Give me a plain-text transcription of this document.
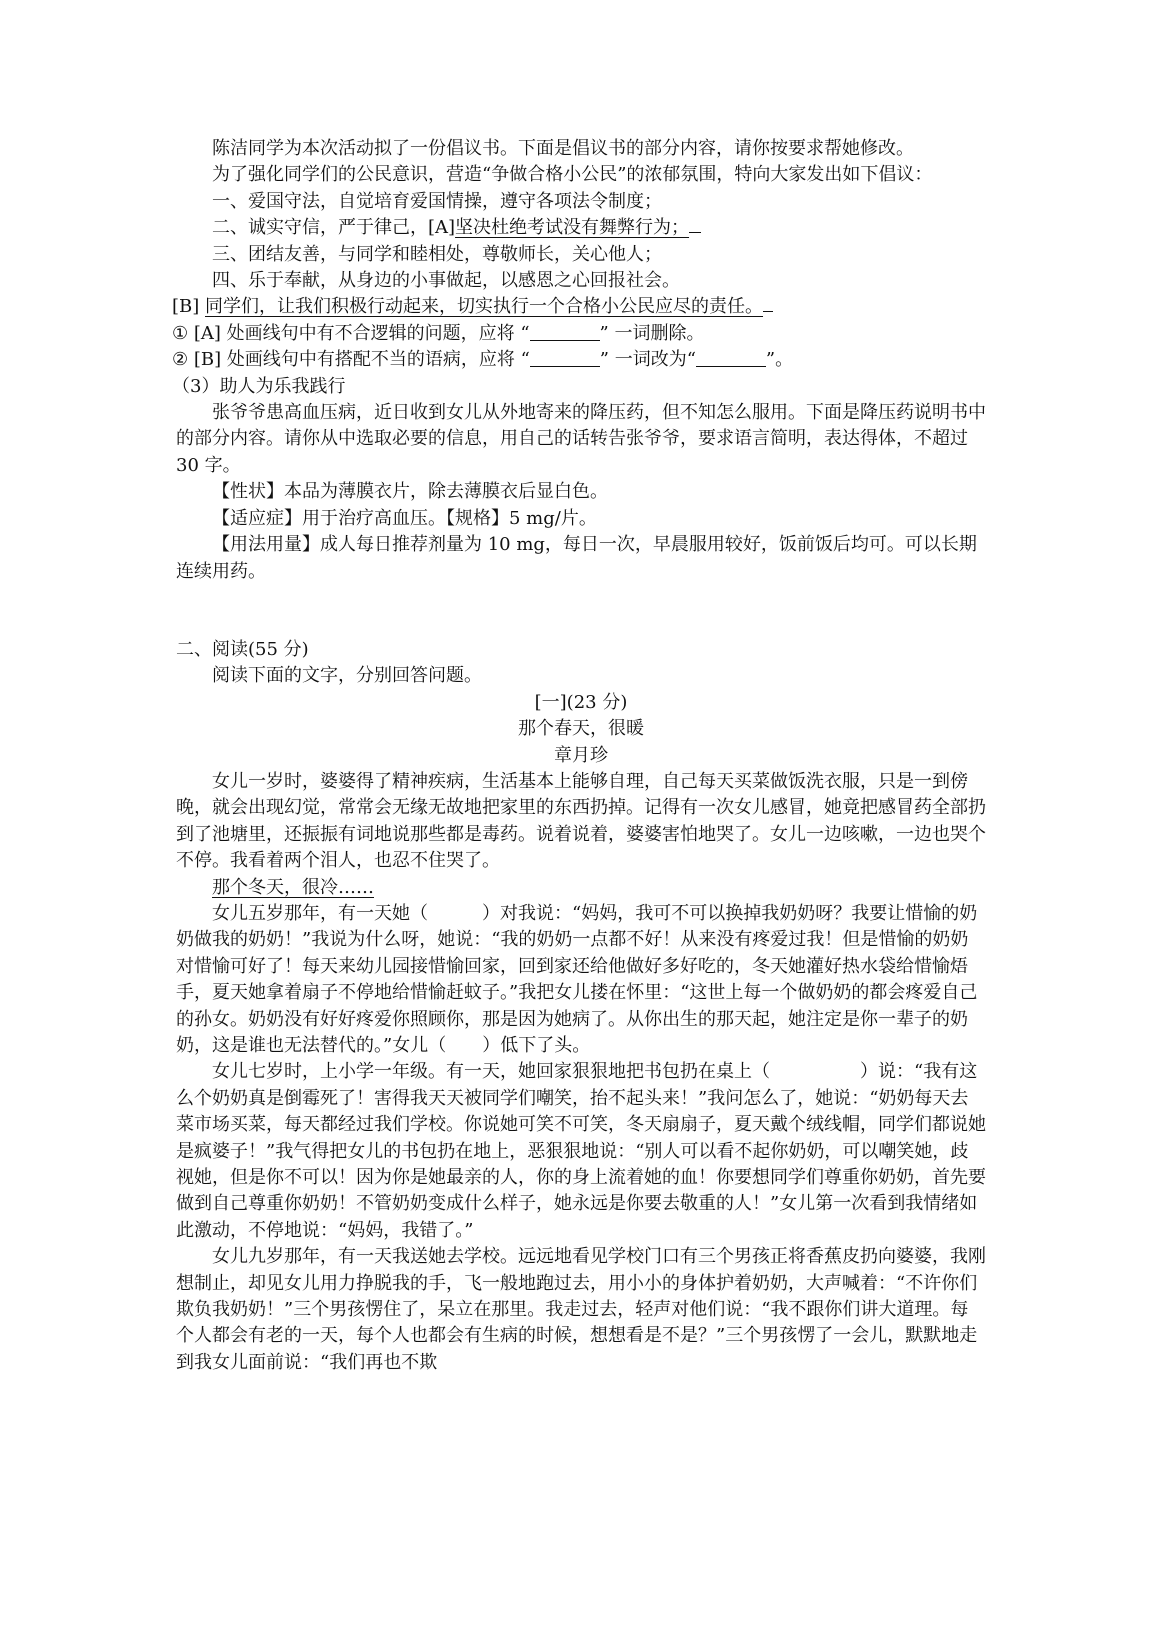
陈洁同学为本次活动拟了一份倡议书。下面是倡议书的部分内容，请你按要求帮她修改。

为了强化同学们的公民意识，营造“争做合格小公民”的浓郁氛围，特向大家发出如下倡议：

一、爱国守法，自觉培育爱国情操，遵守各项法令制度；

二、诚实守信，严于律己，[A]坚决杜绝考试没有舞弊行为；

三、团结友善，与同学和睦相处，尊敬师长，关心他人；

四、乐于奉献，从身边的小事做起，以感恩之心回报社会。

[B] 同学们，让我们积极行动起来，切实执行一个合格小公民应尽的责任。

① [A] 处画线句中有不合逻辑的问题，应将 “	” 一词删除。

② [B] 处画线句中有搭配不当的语病，应将 “	” 一词改为“	”。

（3）助人为乐我践行

张爷爷患高血压病，近日收到女儿从外地寄来的降压药，但不知怎么服用。下面是降压药说明书中的部分内容。请你从中选取必要的信息，用自己的话转告张爷爷，要求语言简明，表达得体，不超过 30 字。

【性状】本品为薄膜衣片，除去薄膜衣后显白色。

【适应症】用于治疗高血压。【规格】5 mg/片。

【用法用量】成人每日推荐剂量为 10 mg，每日一次，早晨服用较好，饭前饭后均可。可以长期连续用药。

二、阅读(55 分)

阅读下面的文字，分别回答问题。

[一](23 分)

那个春天，很暖

章月珍

女儿一岁时，婆婆得了精神疾病，生活基本上能够自理，自己每天买菜做饭洗衣服，只是一到傍晚，就会出现幻觉，常常会无缘无故地把家里的东西扔掉。记得有一次女儿感冒，她竟把感冒药全部扔到了池塘里，还振振有词地说那些都是毒药。说着说着，婆婆害怕地哭了。女儿一边咳嗽，一边也哭个不停。我看着两个泪人，也忍不住哭了。

那个冬天，很冷……

女儿五岁那年，有一天她（　　　）对我说：“妈妈，我可不可以换掉我奶奶呀？我要让惜愉的奶奶做我的奶奶！”我说为什么呀，她说：“我的奶奶一点都不好！从来没有疼爱过我！但是惜愉的奶奶对惜愉可好了！每天来幼儿园接惜愉回家，回到家还给他做好多好吃的，冬天她灌好热水袋给惜愉焐手，夏天她拿着扇子不停地给惜愉赶蚊子。”我把女儿搂在怀里：“这世上每一个做奶奶的都会疼爱自己的孙女。奶奶没有好好疼爱你照顾你，那是因为她病了。从你出生的那天起，她注定是你一辈子的奶奶，这是谁也无法替代的。”女儿（　　）低下了头。

女儿七岁时，上小学一年级。有一天，她回家狠狠地把书包扔在桌上（　　　　　）说：“我有这么个奶奶真是倒霉死了！害得我天天被同学们嘲笑，抬不起头来！”我问怎么了，她说：“奶奶每天去菜市场买菜，每天都经过我们学校。你说她可笑不可笑，冬天扇扇子，夏天戴个绒线帽，同学们都说她是疯婆子！”我气得把女儿的书包扔在地上，恶狠狠地说：“别人可以看不起你奶奶，可以嘲笑她，歧视她，但是你不可以！因为你是她最亲的人，你的身上流着她的血！你要想同学们尊重你奶奶，首先要做到自己尊重你奶奶！不管奶奶变成什么样子，她永远是你要去敬重的人！”女儿第一次看到我情绪如此激动，不停地说：“妈妈，我错了。”

女儿九岁那年，有一天我送她去学校。远远地看见学校门口有三个男孩正将香蕉皮扔向婆婆，我刚想制止，却见女儿用力挣脱我的手，飞一般地跑过去，用小小的身体护着奶奶，大声喊着：“不许你们欺负我奶奶！”三个男孩愣住了，呆立在那里。我走过去，轻声对他们说：“我不跟你们讲大道理。每个人都会有老的一天，每个人也都会有生病的时候，想想看是不是？”三个男孩愣了一会儿，默默地走到我女儿面前说：“我们再也不欺
